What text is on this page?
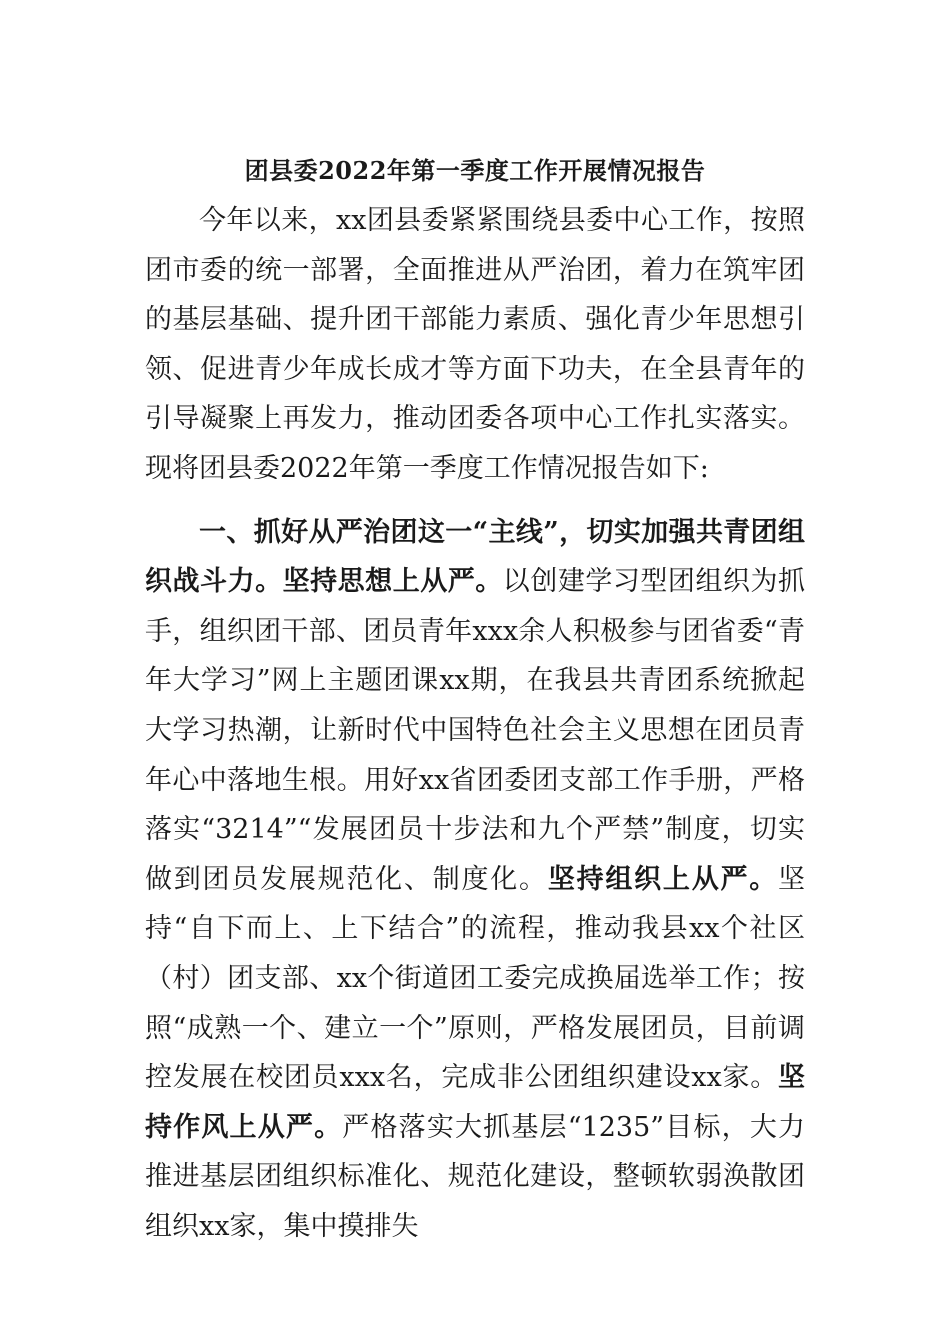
团县委2022年第一季度工作开展情况报告

今年以来，xx团县委紧紧围绕县委中心工作，按照团市委的统一部署，全面推进从严治团，着力在筑牢团的基层基础、提升团干部能力素质、强化青少年思想引领、促进青少年成长成才等方面下功夫，在全县青年的引导凝聚上再发力，推动团委各项中心工作扎实落实。现将团县委2022年第一季度工作情况报告如下:

一、抓好从严治团这一“主线”，切实加强共青团组织战斗力。坚持思想上从严。以创建学习型团组织为抓手，组织团干部、团员青年xxx余人积极参与团省委“青年大学习”网上主题团课xx期，在我县共青团系统掀起大学习热潮，让新时代中国特色社会主义思想在团员青年心中落地生根。用好xx省团委团支部工作手册，严格落实“3214”“发展团员十步法和九个严禁”制度，切实做到团员发展规范化、制度化。坚持组织上从严。坚持“自下而上、上下结合”的流程，推动我县xx个社区（村）团支部、xx个街道团工委完成换届选举工作；按照“成熟一个、建立一个”原则，严格发展团员，目前调控发展在校团员xxx名，完成非公团组织建设xx家。坚持作风上从严。严格落实大抓基层“1235”目标，大力推进基层团组织标准化、规范化建设，整顿软弱涣散团组织xx家，集中摸排失
